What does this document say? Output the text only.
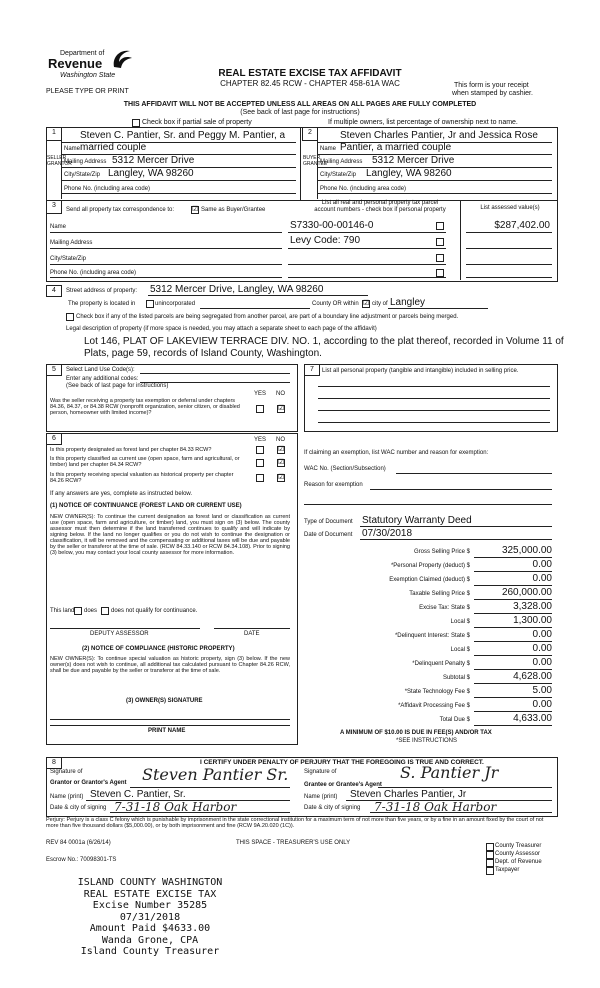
Department of
Revenue
Washington State
PLEASE TYPE OR PRINT
REAL ESTATE EXCISE TAX AFFIDAVIT
CHAPTER 82.45 RCW - CHAPTER 458-61A WAC	This form is your receipt
when stamped by cashier.
THIS AFFIDAVIT WILL NOT BE ACCEPTED UNLESS ALL AREAS ON ALL PAGES ARE FULLY COMPLETED
(See back of last page for instructions)
Check box if partial sale of property	If multiple owners, list percentage of ownership next to name.
1
SELLER GRANTOR
Steven C. Pantier, Sr. and Peggy M. Pantier, a
Name married couple
Mailing Address 5312 Mercer Drive
City/State/Zip Langley, WA 98260
Phone No. (including area code)
2
BUYER GRANTEE
Steven Charles Pantier, Jr and Jessica Rose
Name Pantier, a married couple
Mailing Address 5312 Mercer Drive
City/State/Zip Langley, WA 98260
Phone No. (including area code)
3
Send all property tax correspondence to:	☑ Same as Buyer/Grantee
List all real and personal property tax parcel
account numbers - check box if personal property	List assessed value(s)
Name
Mailing Address
City/State/Zip
Phone No. (including area code)
S7330-00-00146-0	$287,402.00
Levy Code: 790
4	Street address of property: 5312 Mercer Drive, Langley, WA 98260
The property is located in	unincorporated	County OR within ☑ city of Langley
Check box if any of the listed parcels are being segregated from another parcel, are part of a boundary line adjustment or parcels being merged.
Legal description of property (if more space is needed, you may attach a separate sheet to each page of the affidavit)
Lot 146, PLAT OF LAKEVIEW TERRACE DIV. NO. 1, according to the plat thereof, recorded in Volume 11 of
Plats, page 59, records of Island County, Washington.
5	Select Land Use Code(s):
Enter any additional codes:
(See back of last page for instructions)
YES NO
Was the seller receiving a property tax exemption or deferral under chapters 84.36, 84.37, or 84.38 RCW (nonprofit organization, senior citizen, or disabled person, homeowner with limited income)?
☑
7	List all personal property (tangible and intangible) included in selling price.
6	YES NO
Is this property designated as forest land per chapter 84.33 RCW?	☑
Is this property classified as current use (open space, farm and agricultural, or timber) land per chapter 84.34 RCW?	☑
Is this property receiving special valuation as historical property per chapter 84.26 RCW?
☑
If any answers are yes, complete as instructed below.
(1) NOTICE OF CONTINUANCE (FOREST LAND OR CURRENT USE)
NEW OWNER(S): To continue the current designation as forest land or classification as current use (open space, farm and agriculture, or timber) land, you must sign on (3) below. The county assessor must then determine if the land transferred continues to qualify and will indicate by signing below. If the land no longer qualifies or you do not wish to continue the designation or classification, it will be removed and the compensating or additional taxes will be due and payable by the seller or transferor at the time of sale. (RCW 84.33.140 or RCW 84.34.108). Prior to signing (3) below, you may contact your local county assessor for more information.
This land does does not qualify for continuance.
DEPUTY ASSESSOR	DATE
(2) NOTICE OF COMPLIANCE (HISTORIC PROPERTY)
NEW OWNER(S): To continue special valuation as historic property, sign (3) below. If the new owner(s) does not wish to continue, all additional tax calculated pursuant to Chapter 84.26 RCW, shall be due and payable by the seller or transferor at the time of sale.
(3) OWNER(S) SIGNATURE
PRINT NAME
If claiming an exemption, list WAC number and reason for exemption:
WAC No. (Section/Subsection)
Reason for exemption
Type of Document Statutory Warranty Deed
Date of Document 07/30/2018
Gross Selling Price $	325,000.00
*Personal Property (deduct) $	0.00
Exemption Claimed (deduct) $	0.00
Taxable Selling Price $	260,000.00
Excise Tax: State $	3,328.00
Local $	1,300.00
*Delinquent Interest: State $	0.00
Local $	0.00
*Delinquent Penalty $	0.00
Subtotal $	4,628.00
*State Technology Fee $	5.00
*Affidavit Processing Fee $	0.00
Total Due $	4,633.00
A MINIMUM OF $10.00 IS DUE IN FEE(S) AND/OR TAX
*SEE INSTRUCTIONS
8	I CERTIFY UNDER PENALTY OF PERJURY THAT THE FOREGOING IS TRUE AND CORRECT.
Signature of
Grantor or Grantor's Agent Steven Pantier Sr.
Name (print) Steven C. Pantier, Sr.
Date & city of signing 7-31-18 Oak Harbor
Signature of
Grantee or Grantee's Agent
S. Pantier Jr
Name (print) Steven Charles Pantier, Jr
Date & city of signing 7-31-18 Oak Harbor
Perjury: Perjury is a class C felony which is punishable by imprisonment in the state correctional institution for a maximum term of not more than five years, or by a fine in an amount fixed by the court of not more than five thousand dollars ($5,000.00), or by both imprisonment and fine (RCW 9A.20.020 (1C)).
REV 84 0001a (6/26/14)	THIS SPACE - TREASURER'S USE ONLY
Escrow No.: 70098301-TS
County Treasurer
County Assessor
Dept. of Revenue
Taxpayer
ISLAND COUNTY WASHINGTON
REAL ESTATE EXCISE TAX
Excise Number 35285
07/31/2018
Amount Paid $4633.00
Wanda Grone, CPA
Island County Treasurer
